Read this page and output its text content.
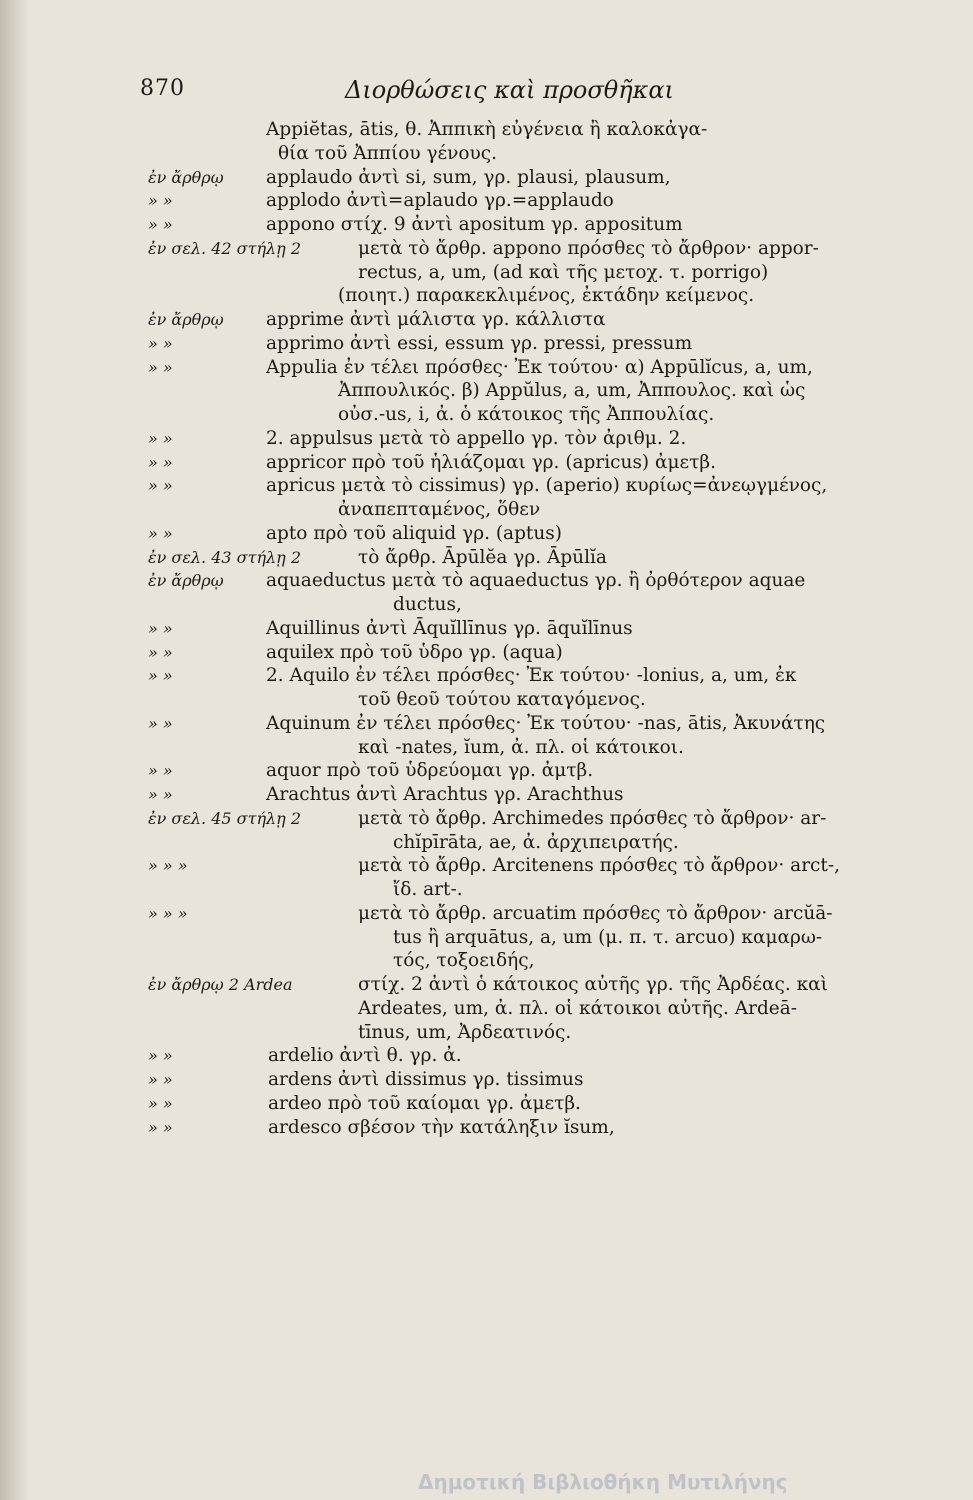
870	Διορθώσεις καὶ προσθῆκαι
Appiĕtas, ātis, θ. Ἀππικὴ εὐγένεια ἢ καλοκἀγα-
θία τοῦ Ἀππίου γένους.
ἐν ἄρθρῳ	applaudo ἀντὶ si, sum, γρ. plausi, plausum,
» »	applodo ἀντὶ=aplaudo γρ.=applaudo
» »	appono στίχ. 9 ἀντὶ apositum γρ. appositum
ἐν σελ. 42 στήλῃ 2	μετὰ τὸ ἄρθρ. appono πρόσθες τὸ ἄρθρον· appor-
rectus, a, um, (ad καὶ τῆς μετοχ. τ. porrigo)
(ποιητ.) παρακεκλιμένος, ἐκτάδην κείμενος.
ἐν ἄρθρῳ	apprime ἀντὶ μάλιστα γρ. κάλλιστα
» »	apprimo ἀντὶ essi, essum γρ. pressi, pressum
» »	Appulia ἐν τέλει πρόσθες· Ἐκ τούτου· α) Appūlĭcus, a, um,
Ἀππουλικός. β) Appŭlus, a, um, Ἀππουλος. καὶ ὡς
οὐσ.-us, i, ἀ. ὁ κάτοικος τῆς Ἀππουλίας.
» »	2. appulsus μετὰ τὸ appello γρ. τὸν ἀριθμ. 2.
» »	appricor πρὸ τοῦ ἡλιάζομαι γρ. (apricus) ἀμετβ.
» »	apricus μετὰ τὸ cissimus) γρ. (aperio) κυρίως=ἀνεῳγμένος,
ἀναπεπταμένος, ὅθεν
» »	apto πρὸ τοῦ aliquid γρ. (aptus)
ἐν σελ. 43 στήλῃ 2	τὸ ἄρθρ. Āpūlĕa γρ. Āpūlĭa
ἐν ἄρθρῳ	aquaeductus μετὰ τὸ aquaeductus γρ. ἢ ὀρθότερον aquae
ductus,
» »	Aquillinus ἀντὶ Āquĭllīnus γρ. āquĭlīnus
» »	aquilex πρὸ τοῦ ὑδρο γρ. (aqua)
» »	2. Aquilo ἐν τέλει πρόσθες· Ἐκ τούτου· -lonius, a, um, ἐκ
τοῦ θεοῦ τούτου καταγόμενος.
» »	Aquinum ἐν τέλει πρόσθες· Ἐκ τούτου· -nas, ātis, Ἀκυνάτης
καὶ -nates, ĭum, ἀ. πλ. οἱ κάτοικοι.
» »	aquor πρὸ τοῦ ὑδρεύομαι γρ. ἀμτβ.
» »	Arachtus ἀντὶ Arachtus γρ. Arachthus
ἐν σελ. 45 στήλῃ 2	μετὰ τὸ ἄρθρ. Archimedes πρόσθες τὸ ἄρθρον· ar-
chĭpīrāta, ae, ἀ. ἀρχιπειρατής.
» » »	μετὰ τὸ ἄρθρ. Arcitenens πρόσθες τὸ ἄρθρον· arct-,
ἴδ. art-.
» » »	μετὰ τὸ ἄρθρ. arcuatim πρόσθες τὸ ἄρθρον· arcŭā-
tus ἢ arquātus, a, um (μ. π. τ. arcuo) καμαρω-
τός, τοξοειδής,
ἐν ἄρθρῳ 2 Ardea	στίχ. 2 ἀντὶ ὁ κάτοικος αὐτῆς γρ. τῆς Ἀρδέας. καὶ
Ardeates, um, ἀ. πλ. οἱ κάτοικοι αὐτῆς. Ardeā-
tīnus, um, Ἀρδεατινός.
» »	ardelio ἀντὶ θ. γρ. ἀ.
» »	ardens ἀντὶ dissimus γρ. tissimus
» »	ardeo πρὸ τοῦ καίομαι γρ. ἀμετβ.
» »	ardesco σβέσον τὴν κατάληξιν ĭsum,
Δημοτική Βιβλιοθήκη Μυτιλήνης
